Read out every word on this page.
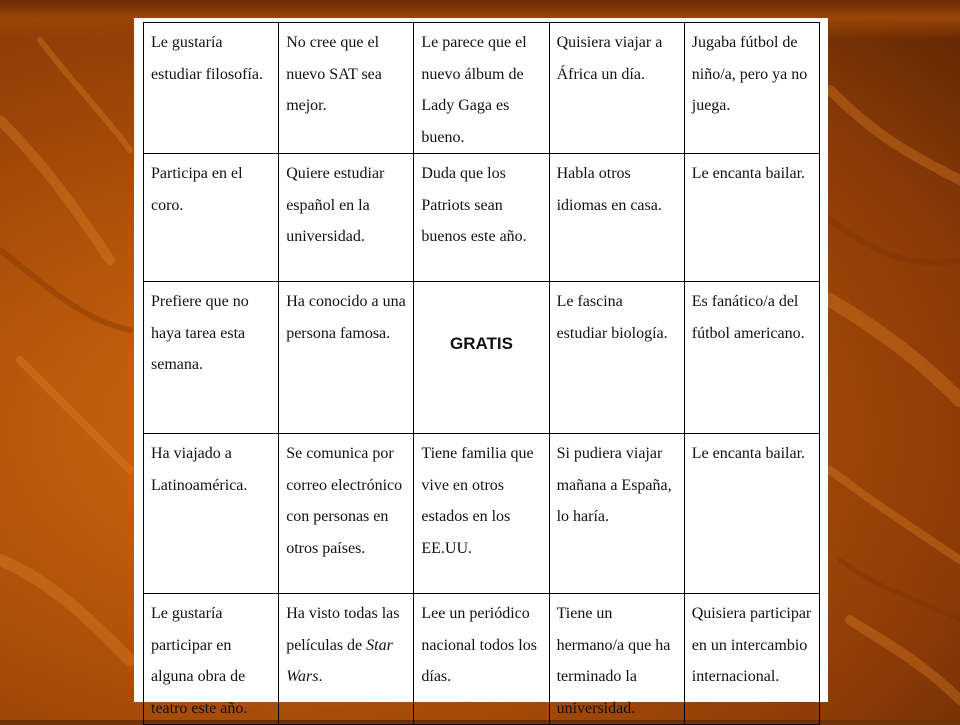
Le gustaría estudiar filosofía.	No cree que el nuevo SAT sea mejor.	Le parece que el nuevo álbum de Lady Gaga es bueno.	Quisiera viajar a África un día.	Jugaba fútbol de niño/a, pero ya no juega.
Participa en el coro.	Quiere estudiar español en la universidad.	Duda que los Patriots sean buenos este año.	Habla otros idiomas en casa.	Le encanta bailar.
Prefiere que no haya tarea esta semana.	Ha conocido a una persona famosa.	GRATIS	Le fascina estudiar biología.	Es fanático/a del fútbol americano.
Ha viajado a Latinoamérica.	Se comunica por correo electrónico con personas en otros países.	Tiene familia que vive en otros estados en los EE.UU.	Si pudiera viajar mañana a España, lo haría.	Le encanta bailar.
Le gustaría participar en alguna obra de teatro este año.	Ha visto todas las películas de Star Wars.	Lee un periódico nacional todos los días.	Tiene un hermano/a que ha terminado la universidad.	Quisiera participar en un intercambio internacional.
